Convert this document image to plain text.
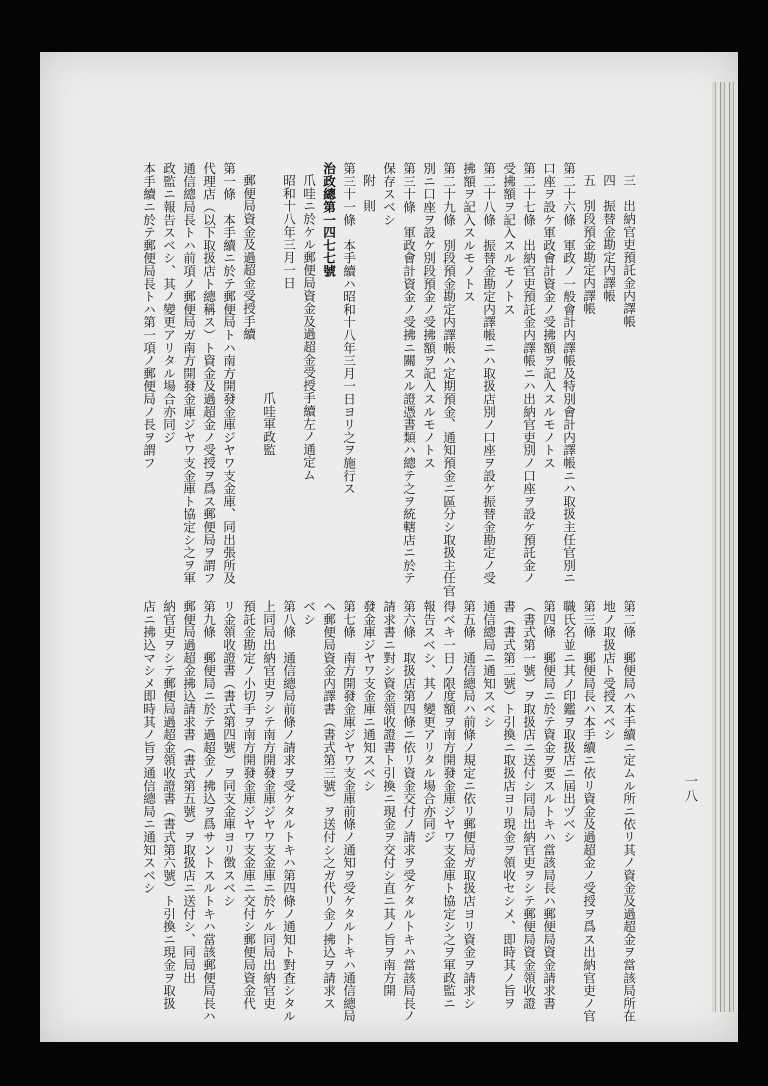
一八
三　出納官吏預託金内譯帳
四　振替金勘定内譯帳
五　別段預金勘定内譯帳
第二十六條　軍政ノ一般會計内譯帳及特別會計内譯帳ニハ取扱主任官別ニ
口座ヲ設ケ軍政會計資金ノ受拂額ヲ記入スルモノトス
第二十七條　出納官吏預託金内譯帳ニハ出納官吏別ノ口座ヲ設ケ預託金ノ
受拂額ヲ記入スルモノトス
第二十八條　振替金勘定内譯帳ニハ取扱店別ノ口座ヲ設ケ振替金勘定ノ受
拂額ヲ記入スルモノトス
第二十九條　別段預金勘定内譯帳ハ定期預金、通知預金ニ區分シ取扱主任官
別ニ口座ヲ設ケ別段預金ノ受拂額ヲ記入スルモノトス
第三十條　軍政會計資金ノ受拂ニ關スル證憑書類ハ總テ之ヲ統轄店ニ於テ
保存スベシ
附　則
第三十一條　本手續ハ昭和十八年三月一日ヨリ之ヲ施行ス
治政總第一四七七號
爪哇ニ於ケル郵便局資金及過超金受授手續左ノ通定ム
昭和十八年三月一日
爪哇軍政監
郵便局資金及過超金受授手續
第一條　本手續ニ於テ郵便局トハ南方開發金庫ジヤワ支金庫、同出張所及
代理店（以下取扱店ト總稱ス）ト資金及過超金ノ受授ヲ爲ス郵便局ヲ謂フ
通信總局長トハ前項ノ郵便局ガ南方開發金庫ジヤワ支金庫ト協定シ之ヲ軍
政監ニ報告スベシ、其ノ變更アリタル場合亦同ジ
本手續ニ於テ郵便局長トハ第一項ノ郵便局ノ長ヲ謂フ
第二條　郵便局ハ本手續ニ定ムル所ニ依リ其ノ資金及過超金ヲ當該局所在
地ノ取扱店ト受授スベシ
第三條　郵便局長ハ本手續ニ依リ資金及過超金ノ受授ヲ爲ス出納官吏ノ官
職氏名並ニ其ノ印鑑ヲ取扱店ニ屆出ヅベシ
第四條　郵便局ニ於テ資金ヲ要スルトキハ當該局長ハ郵便局資金請求書
（書式第一號）ヲ取扱店ニ送付シ同局出納官吏ヲシテ郵便局資金領收證
書（書式第二號）ト引換ニ取扱店ヨリ現金ヲ領收セシメ、即時其ノ旨ヲ
通信總局ニ通知スベシ
第五條　通信總局ハ前條ノ規定ニ依リ郵便局ガ取扱店ヨリ資金ヲ請求シ
得ベキ一日ノ限度額ヲ南方開發金庫ジヤワ支金庫ト協定シ之ヲ軍政監ニ
報告スベシ、其ノ變更アリタル場合亦同ジ
第六條　取扱店第四條ニ依リ資金交付ノ請求ヲ受ケタルトキハ當該局長ノ
請求書ニ對シ資金領收證書ト引換ニ現金ヲ交付シ直ニ其ノ旨ヲ南方開
發金庫ジヤワ支金庫ニ通知スベシ
第七條　南方開發金庫ジヤワ支金庫前條ノ通知ヲ受ケタルトキハ通信總局
ヘ郵便局資金内譯書（書式第三號）ヲ送付シ之ガ代リ金ノ拂込ヲ請求ス
ベシ
第八條　通信總局前條ノ請求ヲ受ケタルトキハ第四條ノ通知ト對査シタル
上同局出納官吏ヲシテ南方開發金庫ジヤワ支金庫ニ於ケル同局出納官吏
預託金勘定ノ小切手ヲ南方開發金庫ジヤワ支金庫ニ交付シ郵便局資金代
リ金領收證書（書式第四號）ヲ同支金庫ヨリ徴スベシ
第九條　郵便局ニ於テ過超金ノ拂込ヲ爲サントスルトキハ當該郵便局長ハ
郵便局過超金拂込請求書（書式第五號）ヲ取扱店ニ送付シ、同局出
納官吏ヲシテ郵便局過超金領收證書（書式第六號）ト引換ニ現金ヲ取扱
店ニ拂込マシメ即時其ノ旨ヲ通信總局ニ通知スベシ
